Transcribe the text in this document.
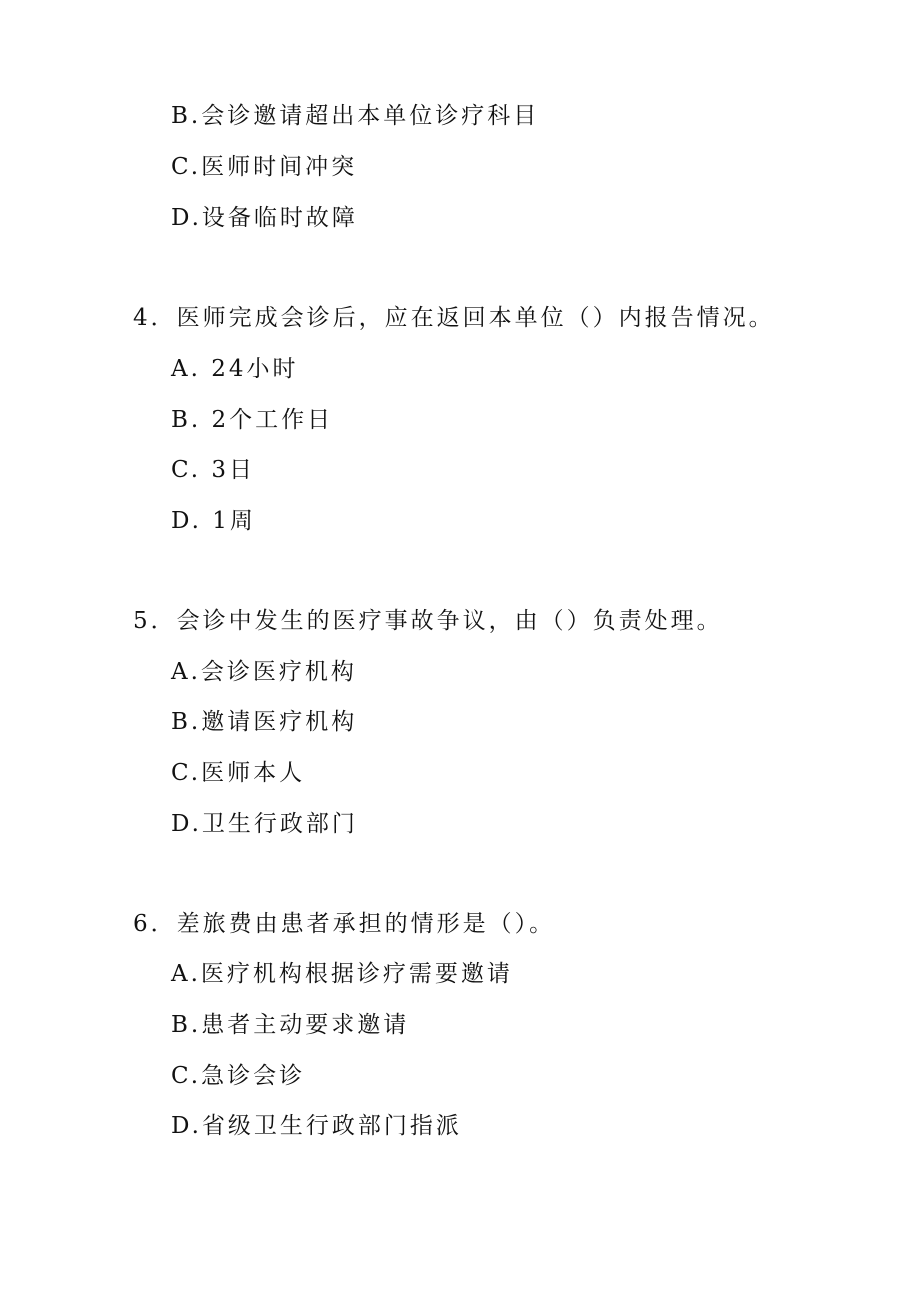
B.会诊邀请超出本单位诊疗科目
C.医师时间冲突
D.设备临时故障
4．医师完成会诊后，应在返回本单位（）内报告情况。
A. 24小时
B. 2个工作日
C. 3日
D. 1周
5．会诊中发生的医疗事故争议，由（）负责处理。
A.会诊医疗机构
B.邀请医疗机构
C.医师本人
D.卫生行政部门
6．差旅费由患者承担的情形是（）。
A.医疗机构根据诊疗需要邀请
B.患者主动要求邀请
C.急诊会诊
D.省级卫生行政部门指派
